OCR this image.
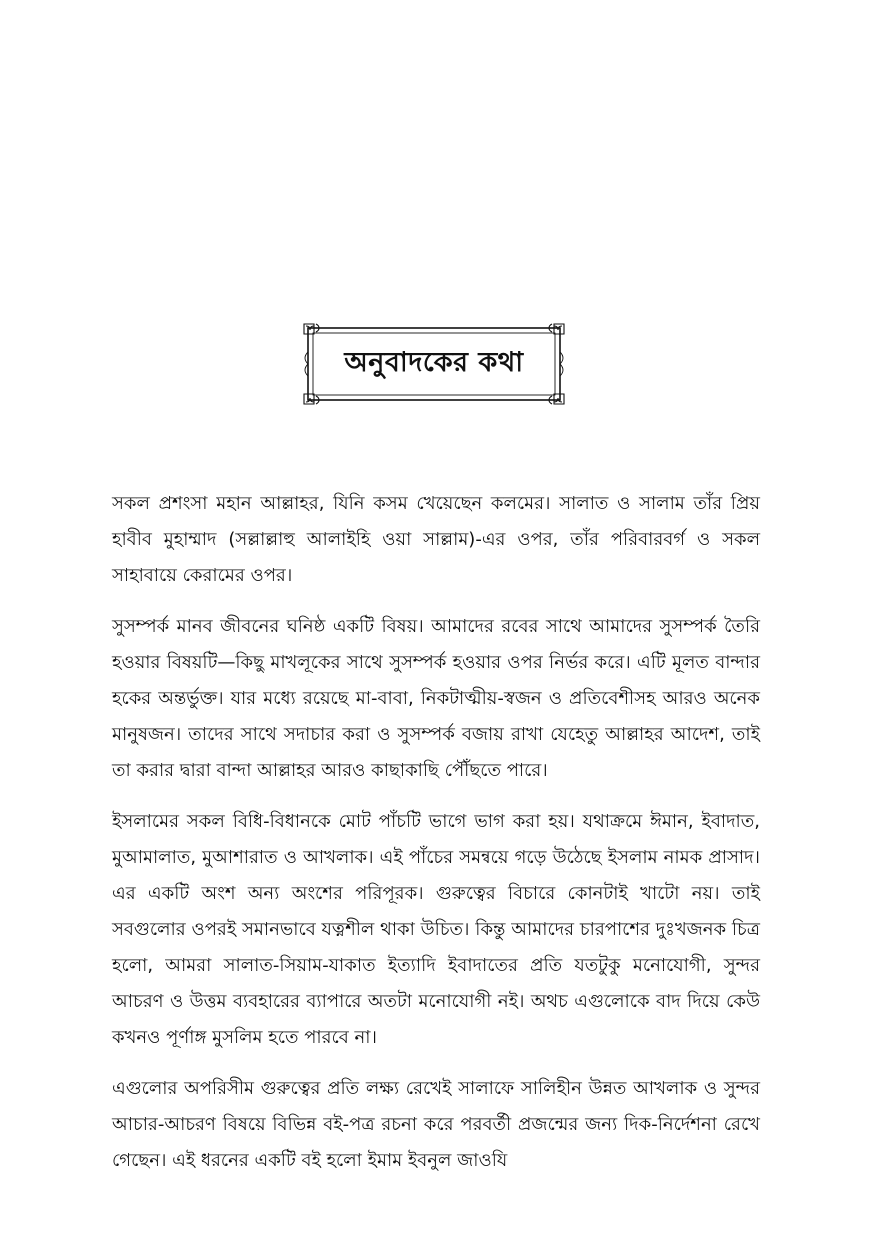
অনুবাদকের কথা

সকল প্রশংসা মহান আল্লাহর, যিনি কসম খেয়েছেন কলমের। সালাত ও সালাম তাঁর প্রিয় হাবীব মুহাম্মাদ (সল্লাল্লাহু আলাইহি ওয়া সাল্লাম)-এর ওপর, তাঁর পরিবারবর্গ ও সকল সাহাবায়ে কেরামের ওপর।

সুসম্পর্ক মানব জীবনের ঘনিষ্ঠ একটি বিষয়। আমাদের রবের সাথে আমাদের সুসম্পর্ক তৈরি হওয়ার বিষয়টি—কিছু মাখলূকের সাথে সুসম্পর্ক হওয়ার ওপর নির্ভর করে। এটি মূলত বান্দার হকের অন্তর্ভুক্ত। যার মধ্যে রয়েছে মা-বাবা, নিকটাত্মীয়-স্বজন ও প্রতিবেশীসহ আরও অনেক মানুষজন। তাদের সাথে সদাচার করা ও সুসম্পর্ক বজায় রাখা যেহেতু আল্লাহর আদেশ, তাই তা করার দ্বারা বান্দা আল্লাহর আরও কাছাকাছি পৌঁছতে পারে।

ইসলামের সকল বিধি-বিধানকে মোট পাঁচটি ভাগে ভাগ করা হয়। যথাক্রমে ঈমান, ইবাদাত, মুআমালাত, মুআশারাত ও আখলাক। এই পাঁচের সমন্বয়ে গড়ে উঠেছে ইসলাম নামক প্রাসাদ। এর একটি অংশ অন্য অংশের পরিপূরক। গুরুত্বের বিচারে কোনটাই খাটো নয়। তাই সবগুলোর ওপরই সমানভাবে যত্নশীল থাকা উচিত। কিন্তু আমাদের চারপাশের দুঃখজনক চিত্র হলো, আমরা সালাত-সিয়াম-যাকাত ইত্যাদি ইবাদাতের প্রতি যতটুকু মনোযোগী, সুন্দর আচরণ ও উত্তম ব্যবহারের ব্যাপারে অতটা মনোযোগী নই। অথচ এগুলোকে বাদ দিয়ে কেউ কখনও পূর্ণাঙ্গ মুসলিম হতে পারবে না।

এগুলোর অপরিসীম গুরুত্বের প্রতি লক্ষ্য রেখেই সালাফে সালিহীন উন্নত আখলাক ও সুন্দর আচার-আচরণ বিষয়ে বিভিন্ন বই-পত্র রচনা করে পরবর্তী প্রজন্মের জন্য দিক-নির্দেশনা রেখে গেছেন। এই ধরনের একটি বই হলো ইমাম ইবনুল জাওযি
